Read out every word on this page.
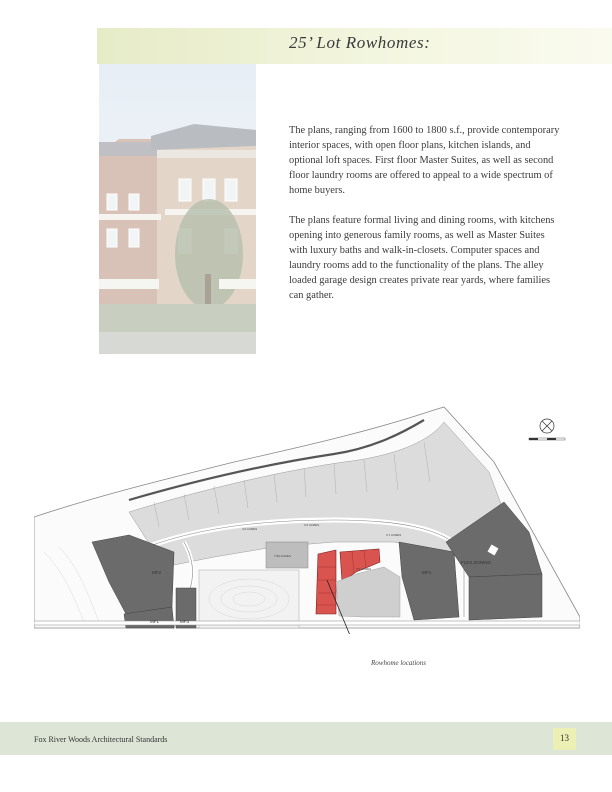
25’ Lot Rowhomes:

The plans, ranging from 1600 to 1800 s.f., provide contemporary interior spaces, with open floor plans, kitchen islands, and optional loft spaces. First floor Master Suites, as well as second floor laundry rooms are offered to appeal to a wide spectrum of home buyers.

The plans feature formal living and dining rooms, with kitchens opening into generous family rooms, as well as Master Suites with luxury baths and walk-in-closets. Computer spaces and laundry rooms add to the functionality of the plans. The alley loaded garage design creates private rear yards, where families can gather.

MF2
MF1	MF3
MF4
FLEX ZONING
4.0 ACRES
3.6 ACRES
7.90 ACRES
9.5 ACRES
3.7 ACRES
Rowhome locations
Fox River Woods Architectural Standards	13
